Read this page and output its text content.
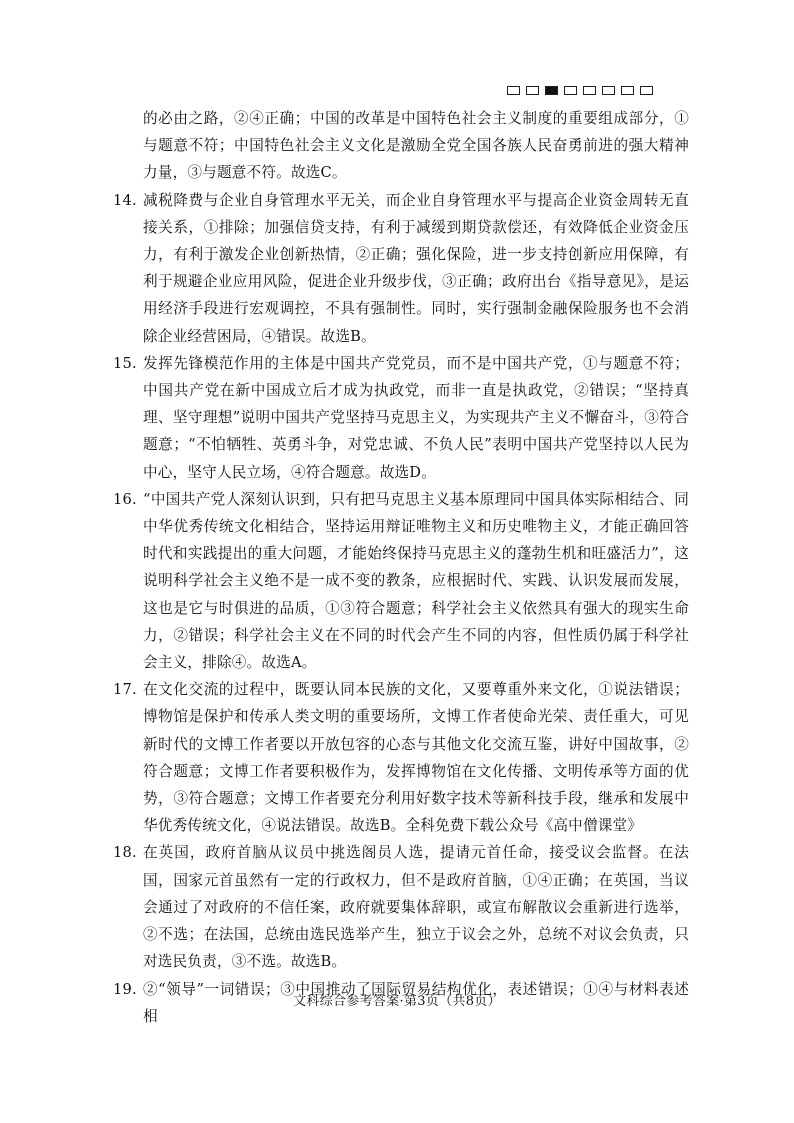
的必由之路，②④正确；中国的改革是中国特色社会主义制度的重要组成部分，①与题意不符；中国特色社会主义文化是激励全党全国各族人民奋勇前进的强大精神力量，③与题意不符。故选C。
14. 减税降费与企业自身管理水平无关，而企业自身管理水平与提高企业资金周转无直接关系，①排除；加强信贷支持，有利于减缓到期贷款偿还，有效降低企业资金压力，有利于激发企业创新热情，②正确；强化保险，进一步支持创新应用保障，有利于规避企业应用风险，促进企业升级步伐，③正确；政府出台《指导意见》，是运用经济手段进行宏观调控，不具有强制性。同时，实行强制金融保险服务也不会消除企业经营困局，④错误。故选B。
15. 发挥先锋模范作用的主体是中国共产党党员，而不是中国共产党，①与题意不符；中国共产党在新中国成立后才成为执政党，而非一直是执政党，②错误；“坚持真理、坚守理想”说明中国共产党坚持马克思主义，为实现共产主义不懈奋斗，③符合题意；“不怕牺牲、英勇斗争，对党忠诚、不负人民”表明中国共产党坚持以人民为中心，坚守人民立场，④符合题意。故选D。
16. “中国共产党人深刻认识到，只有把马克思主义基本原理同中国具体实际相结合、同中华优秀传统文化相结合，坚持运用辩证唯物主义和历史唯物主义，才能正确回答时代和实践提出的重大问题，才能始终保持马克思主义的蓬勃生机和旺盛活力”，这说明科学社会主义绝不是一成不变的教条，应根据时代、实践、认识发展而发展，这也是它与时俱进的品质，①③符合题意；科学社会主义依然具有强大的现实生命力，②错误；科学社会主义在不同的时代会产生不同的内容，但性质仍属于科学社会主义，排除④。故选A。
17. 在文化交流的过程中，既要认同本民族的文化，又要尊重外来文化，①说法错误；博物馆是保护和传承人类文明的重要场所，文博工作者使命光荣、责任重大，可见新时代的文博工作者要以开放包容的心态与其他文化交流互鉴，讲好中国故事，②符合题意；文博工作者要积极作为，发挥博物馆在文化传播、文明传承等方面的优势，③符合题意；文博工作者要充分利用好数字技术等新科技手段，继承和发展中华优秀传统文化，④说法错误。故选B。全科免费下载公众号《高中僧课堂》
18. 在英国，政府首脑从议员中挑选阁员人选，提请元首任命，接受议会监督。在法国，国家元首虽然有一定的行政权力，但不是政府首脑，①④正确；在英国，当议会通过了对政府的不信任案，政府就要集体辞职，或宣布解散议会重新进行选举，②不选；在法国，总统由选民选举产生，独立于议会之外，总统不对议会负责，只对选民负责，③不选。故选B。
19. ②“领导”一词错误；③中国推动了国际贸易结构优化，表述错误；①④与材料表述相
文科综合参考答案·第3页（共8页）
